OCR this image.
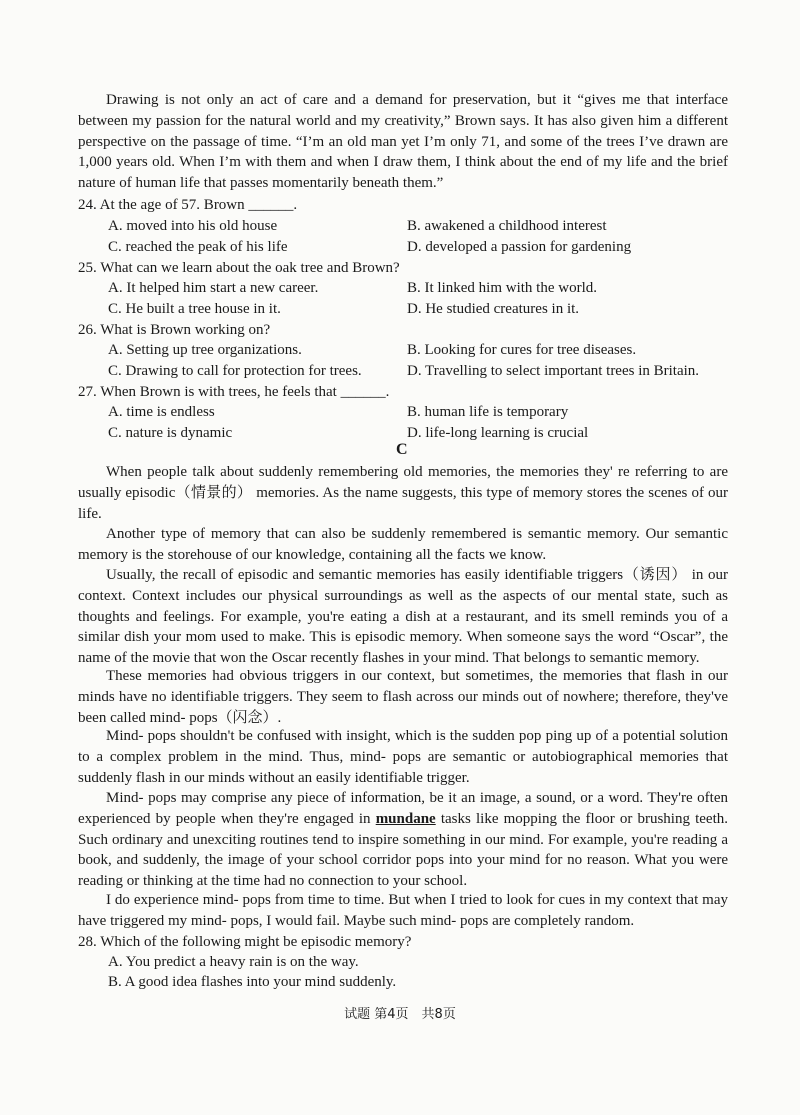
Drawing is not only an act of care and a demand for preservation, but it “gives me that interface between my passion for the natural world and my creativity,” Brown says. It has also given him a different perspective on the passage of time. “I’m an old man yet I’m only 71, and some of the trees I’ve drawn are 1,000 years old. When I’m with them and when I draw them, I think about the end of my life and the brief nature of human life that passes momentarily beneath them.”
24. At the age of 57. Brown ______.
A. moved into his old house	B. awakened a childhood interest
C. reached the peak of his life	D. developed a passion for gardening
25. What can we learn about the oak tree and Brown?
A. It helped him start a new career.	B. It linked him with the world.
C. He built a tree house in it.	D. He studied creatures in it.
26. What is Brown working on?
A. Setting up tree organizations.	B. Looking for cures for tree diseases.
C. Drawing to call for protection for trees.	D. Travelling to select important trees in Britain.
27. When Brown is with trees, he feels that ______.
A. time is endless	B. human life is temporary
C. nature is dynamic	D. life-long learning is crucial
C
When people talk about suddenly remembering old memories, the memories they' re referring to are usually episodic（情景的） memories. As the name suggests, this type of memory stores the scenes of our life.
Another type of memory that can also be suddenly remembered is semantic memory. Our semantic memory is the storehouse of our knowledge, containing all the facts we know.
Usually, the recall of episodic and semantic memories has easily identifiable triggers（诱因） in our context. Context includes our physical surroundings as well as the aspects of our mental state, such as thoughts and feelings. For example, you're eating a dish at a restaurant, and its smell reminds you of a similar dish your mom used to make. This is episodic memory. When someone says the word “Oscar”, the name of the movie that won the Oscar recently flashes in your mind. That belongs to semantic memory.
These memories had obvious triggers in our context, but sometimes, the memories that flash in our minds have no identifiable triggers. They seem to flash across our minds out of nowhere; therefore, they've been called mind- pops（闪念）.
Mind- pops shouldn't be confused with insight, which is the sudden pop ping up of a potential solution to a complex problem in the mind. Thus, mind- pops are semantic or autobiographical memories that suddenly flash in our minds without an easily identifiable trigger.
Mind- pops may comprise any piece of information, be it an image, a sound, or a word. They're often experienced by people when they're engaged in mundane tasks like mopping the floor or brushing teeth. Such ordinary and unexciting routines tend to inspire something in our mind. For example, you're reading a book, and suddenly, the image of your school corridor pops into your mind for no reason. What you were reading or thinking at the time had no connection to your school.
I do experience mind- pops from time to time. But when I tried to look for cues in my context that may have triggered my mind- pops, I would fail. Maybe such mind- pops are completely random.
28. Which of the following might be episodic memory?
A. You predict a heavy rain is on the way.
B. A good idea flashes into your mind suddenly.
试题 第4页　共8页
